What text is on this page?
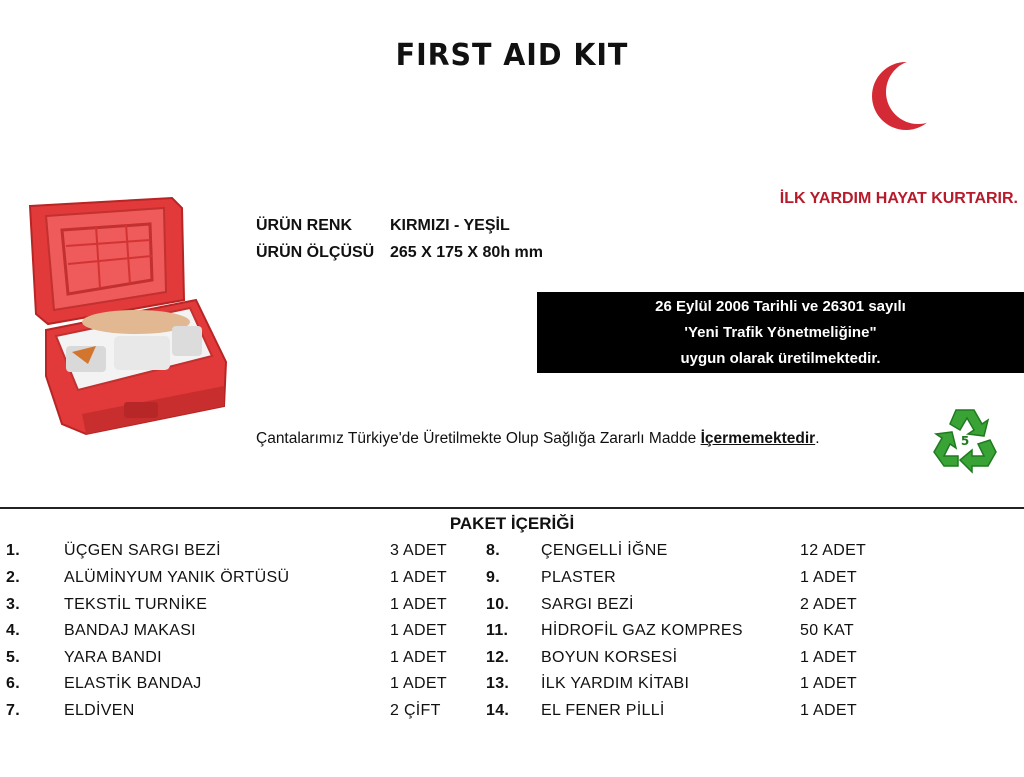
FIRST AID KIT
İLK YARDIM HAYAT KURTARIR.
ÜRÜN RENK KIRMIZI - YEŞİL
ÜRÜN ÖLÇÜSÜ 265 X 175 X 80h mm
26 Eylül 2006 Tarihli ve 26301 sayılı
'Yeni Trafik Yönetmeliğine"
uygun olarak üretilmektedir.
Çantalarımız Türkiye'de Üretilmekte Olup Sağlığa Zararlı Madde İçermemektedir.	5
PAKET İÇERİĞİ
1.	ÜÇGEN SARGI BEZİ	3 ADET
2.	ALÜMİNYUM YANIK ÖRTÜSÜ	1 ADET
3.	TEKSTİL TURNİKE	1 ADET
4.	BANDAJ MAKASI	1 ADET
5.	YARA BANDI	1 ADET
6.	ELASTİK BANDAJ	1 ADET
7.	ELDİVEN	2 ÇİFT
8.	ÇENGELLİ İĞNE	12 ADET
9.	PLASTER	1 ADET
10. SARGI BEZİ	2 ADET
11. HİDROFİL GAZ KOMPRES	50 KAT
12. BOYUN KORSESİ	1 ADET
13. İLK YARDIM KİTABI	1 ADET
14. EL FENER PİLLİ	1 ADET
